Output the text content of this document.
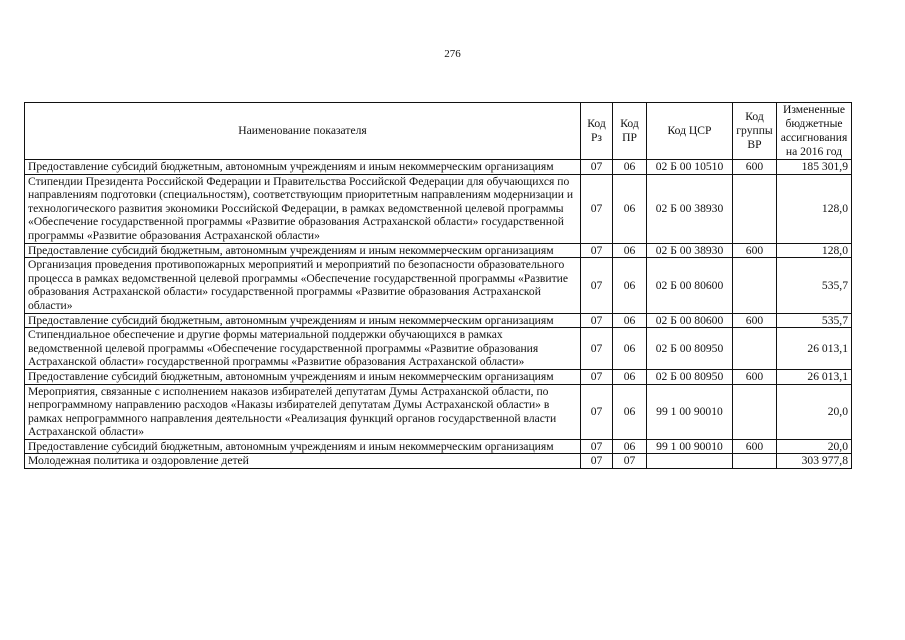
276
Наименование показателя	Код Рз	Код ПР	Код ЦСР	Код группы ВР	Измененные бюджетные ассигнования на 2016 год
Предоставление субсидий бюджетным, автономным учреждениям и иным некоммерческим организациям	07	06	02 Б 00 10510	600	185 301,9
Стипендии Президента Российской Федерации и Правительства Российской Федерации для обучающихся по направлениям подготовки (специальностям), соответствующим приоритетным направлениям модернизации и технологического развития экономики Российской Федерации, в рамках ведомственной целевой программы «Обеспечение государственной программы «Развитие образования Астраханской области» государственной программы «Развитие образования Астраханской области»	07	06	02 Б 00 38930		128,0
Предоставление субсидий бюджетным, автономным учреждениям и иным некоммерческим организациям	07	06	02 Б 00 38930	600	128,0
Организация проведения противопожарных мероприятий и мероприятий по безопасности образовательного процесса в рамках ведомственной целевой программы «Обеспечение государственной программы «Развитие образования Астраханской области» государственной программы «Развитие образования Астраханской области»	07	06	02 Б 00 80600		535,7
Предоставление субсидий бюджетным, автономным учреждениям и иным некоммерческим организациям	07	06	02 Б 00 80600	600	535,7
Стипендиальное обеспечение и другие формы материальной поддержки обучающихся в рамках ведомственной целевой программы «Обеспечение государственной программы «Развитие образования Астраханской области» государственной программы «Развитие образования Астраханской области»	07	06	02 Б 00 80950		26 013,1
Предоставление субсидий бюджетным, автономным учреждениям и иным некоммерческим организациям	07	06	02 Б 00 80950	600	26 013,1
Мероприятия, связанные с исполнением наказов избирателей депутатам Думы Астраханской области, по непрограммному направлению расходов «Наказы избирателей депутатам Думы Астраханской области» в рамках непрограммного направления деятельности «Реализация функций органов государственной власти Астраханской области»	07	06	99 1 00 90010		20,0
Предоставление субсидий бюджетным, автономным учреждениям и иным некоммерческим организациям	07	06	99 1 00 90010	600	20,0
Молодежная политика и оздоровление детей	07	07			303 977,8
